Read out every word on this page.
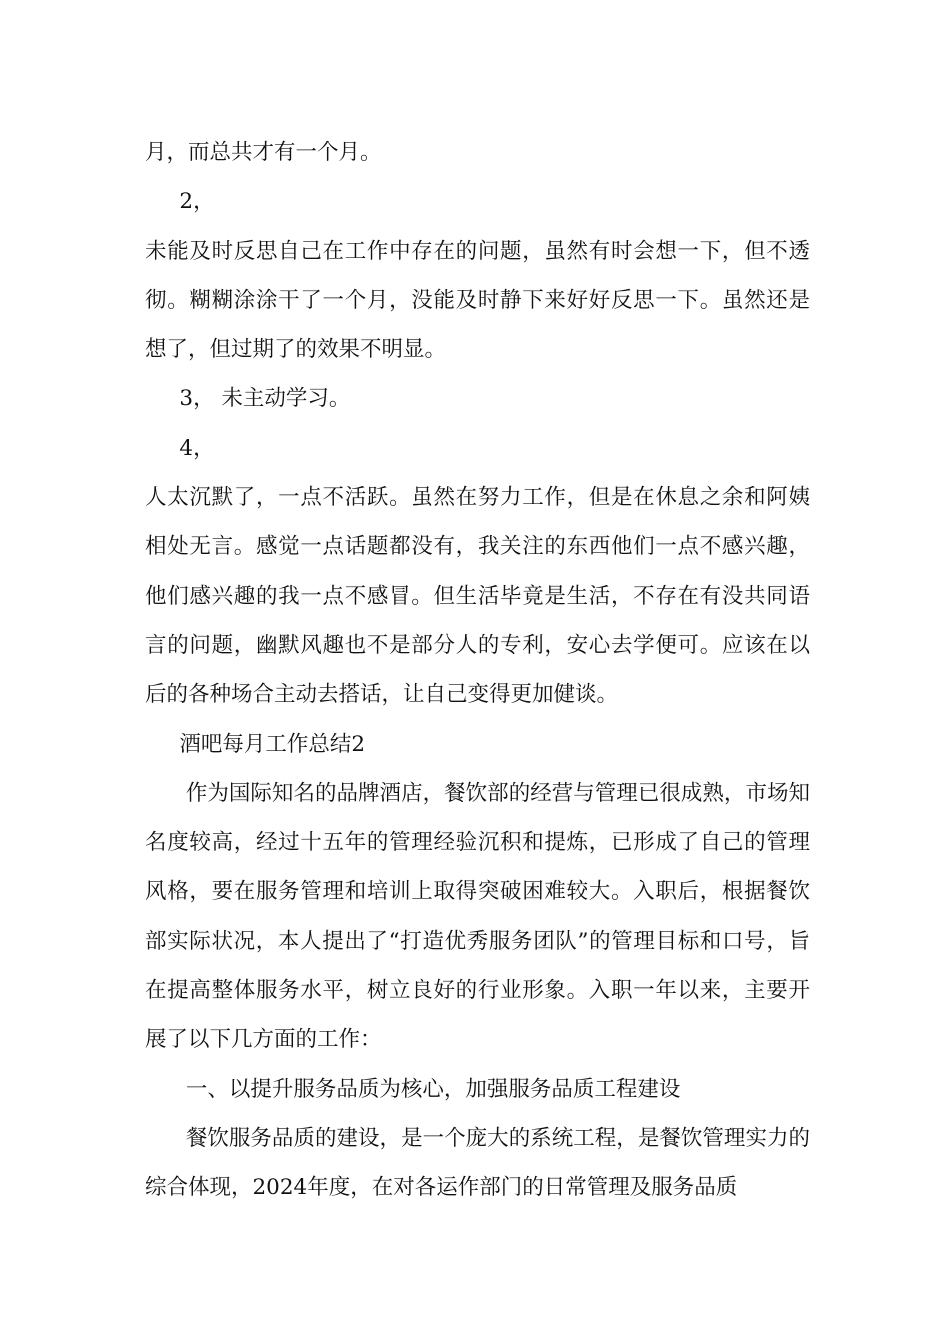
月，而总共才有一个月。

2，

未能及时反思自己在工作中存在的问题，虽然有时会想一下，但不透彻。糊糊涂涂干了一个月，没能及时静下来好好反思一下。虽然还是想了，但过期了的效果不明显。

3， 未主动学习。

4，

人太沉默了，一点不活跃。虽然在努力工作，但是在休息之余和阿姨相处无言。感觉一点话题都没有，我关注的东西他们一点不感兴趣，他们感兴趣的我一点不感冒。但生活毕竟是生活，不存在有没共同语言的问题，幽默风趣也不是部分人的专利，安心去学便可。应该在以后的各种场合主动去搭话，让自己变得更加健谈。

酒吧每月工作总结2

作为国际知名的品牌酒店，餐饮部的经营与管理已很成熟，市场知名度较高，经过十五年的管理经验沉积和提炼，已形成了自己的管理风格，要在服务管理和培训上取得突破困难较大。入职后，根据餐饮部实际状况，本人提出了“打造优秀服务团队”的管理目标和口号，旨在提高整体服务水平，树立良好的行业形象。入职一年以来，主要开展了以下几方面的工作：

一、以提升服务品质为核心，加强服务品质工程建设

餐饮服务品质的建设，是一个庞大的系统工程，是餐饮管理实力的综合体现，2024年度，在对各运作部门的日常管理及服务品质
